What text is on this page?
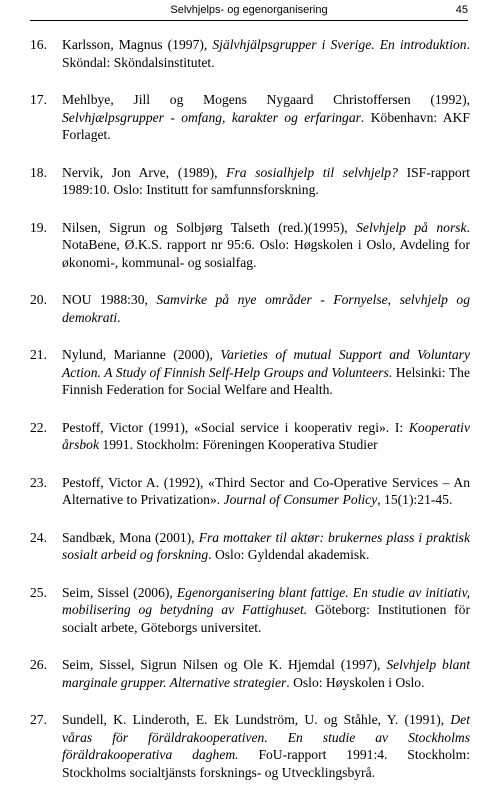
Selvhjelps- og egenorganisering	45
16. Karlsson, Magnus (1997), Självhjälpsgrupper i Sverige. En introduktion. Sköndal: Sköndalsinstitutet.
17. Mehlbye, Jill og Mogens Nygaard Christoffersen (1992), Selvhjælpsgrupper - omfang, karakter og erfaringar. Köbenhavn: AKF Forlaget.
18. Nervik, Jon Arve, (1989), Fra sosialhjelp til selvhjelp? ISF-rapport 1989:10. Oslo: Institutt for samfunnsforskning.
19. Nilsen, Sigrun og Solbjørg Talseth (red.)(1995), Selvhjelp på norsk. NotaBene, Ø.K.S. rapport nr 95:6. Oslo: Høgskolen i Oslo, Avdeling for økonomi-, kommunal- og sosialfag.
20. NOU 1988:30, Samvirke på nye områder - Fornyelse, selvhjelp og demokrati.
21. Nylund, Marianne (2000), Varieties of mutual Support and Voluntary Action. A Study of Finnish Self-Help Groups and Volunteers. Helsinki: The Finnish Federation for Social Welfare and Health.
22. Pestoff, Victor (1991), «Social service i kooperativ regi». I: Kooperativ årsbok 1991. Stockholm: Föreningen Kooperativa Studier
23. Pestoff, Victor A. (1992), «Third Sector and Co-Operative Services – An Alternative to Privatization». Journal of Consumer Policy, 15(1):21-45.
24. Sandbæk, Mona (2001), Fra mottaker til aktør: brukernes plass i praktisk sosialt arbeid og forskning. Oslo: Gyldendal akademisk.
25. Seim, Sissel (2006), Egenorganisering blant fattige. En studie av initiativ, mobilisering og betydning av Fattighuset. Göteborg: Institutionen för socialt arbete, Göteborgs universitet.
26. Seim, Sissel, Sigrun Nilsen og Ole K. Hjemdal (1997), Selvhjelp blant marginale grupper. Alternative strategier. Oslo: Høyskolen i Oslo.
27. Sundell, K. Linderoth, E. Ek Lundström, U. og Ståhle, Y. (1991), Det våras för föräldrakooperativen. En studie av Stockholms föräldrakooperativa daghem. FoU-rapport 1991:4. Stockholm: Stockholms socialtjänsts forsknings- og Utvecklingsbyrå.
